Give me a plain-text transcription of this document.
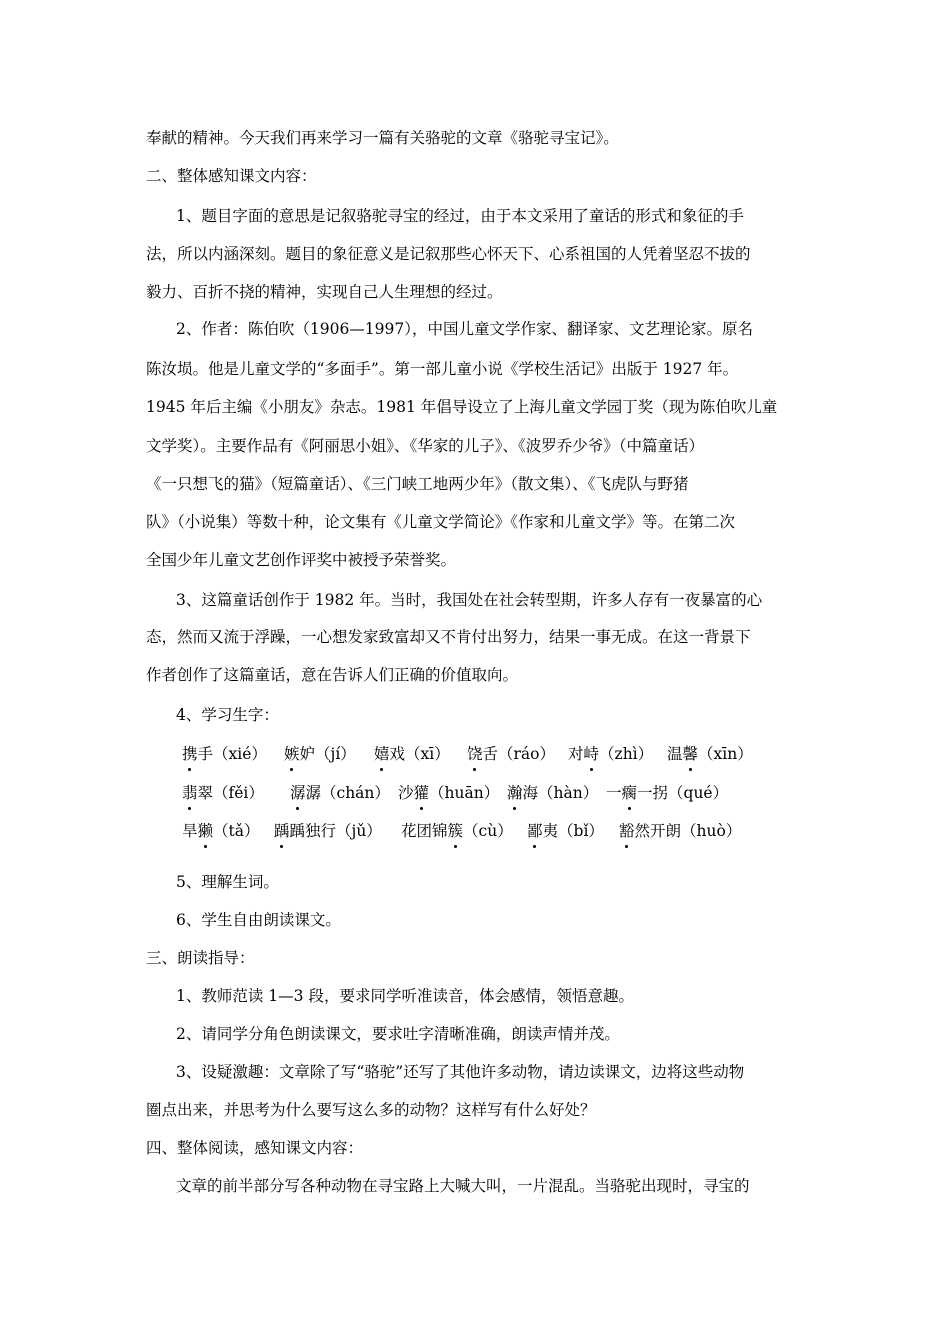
奉献的精神。今天我们再来学习一篇有关骆驼的文章《骆驼寻宝记》。
二、整体感知课文内容：
1、题目字面的意思是记叙骆驼寻宝的经过，由于本文采用了童话的形式和象征的手
法，所以内涵深刻。题目的象征意义是记叙那些心怀天下、心系祖国的人凭着坚忍不拔的
毅力、百折不挠的精神，实现自己人生理想的经过。
2、作者：陈伯吹（1906—1997），中国儿童文学作家、翻译家、文艺理论家。原名
陈汝埙。他是儿童文学的“多面手”。第一部儿童小说《学校生活记》出版于 1927 年。
1945 年后主编《小朋友》杂志。1981 年倡导设立了上海儿童文学园丁奖（现为陈伯吹儿童
文学奖）。主要作品有《阿丽思小姐》、《华家的儿子》、《波罗乔少爷》（中篇童话）
《一只想飞的猫》（短篇童话）、《三门峡工地两少年》（散文集）、《飞虎队与野猪
队》（小说集）等数十种，论文集有《儿童文学简论》《作家和儿童文学》等。在第二次
全国少年儿童文艺创作评奖中被授予荣誉奖。
3、这篇童话创作于 1982 年。当时，我国处在社会转型期，许多人存有一夜暴富的心
态，然而又流于浮躁，一心想发家致富却又不肯付出努力，结果一事无成。在这一背景下
作者创作了这篇童话，意在告诉人们正确的价值取向。
4、学习生字：
携手（xié） 嫉妒（jí） 嬉戏（xī） 饶舌（ráo） 对峙（zhì） 温馨（xīn）
翡翠（fěi） 潺潺（chán） 沙獾（huān） 瀚海（hàn） 一瘸一拐（qué）
旱獭（tǎ） 踽踽独行（jǔ） 花团锦簇（cù） 鄙夷（bǐ） 豁然开朗（huò）
5、理解生词。
6、学生自由朗读课文。
三、朗读指导：
1、教师范读 1—3 段，要求同学听准读音，体会感情，领悟意趣。
2、请同学分角色朗读课文，要求吐字清晰准确，朗读声情并茂。
3、设疑激趣：文章除了写“骆驼”还写了其他许多动物，请边读课文，边将这些动物
圈点出来，并思考为什么要写这么多的动物？这样写有什么好处？
四、整体阅读，感知课文内容：
文章的前半部分写各种动物在寻宝路上大喊大叫，一片混乱。当骆驼出现时，寻宝的
